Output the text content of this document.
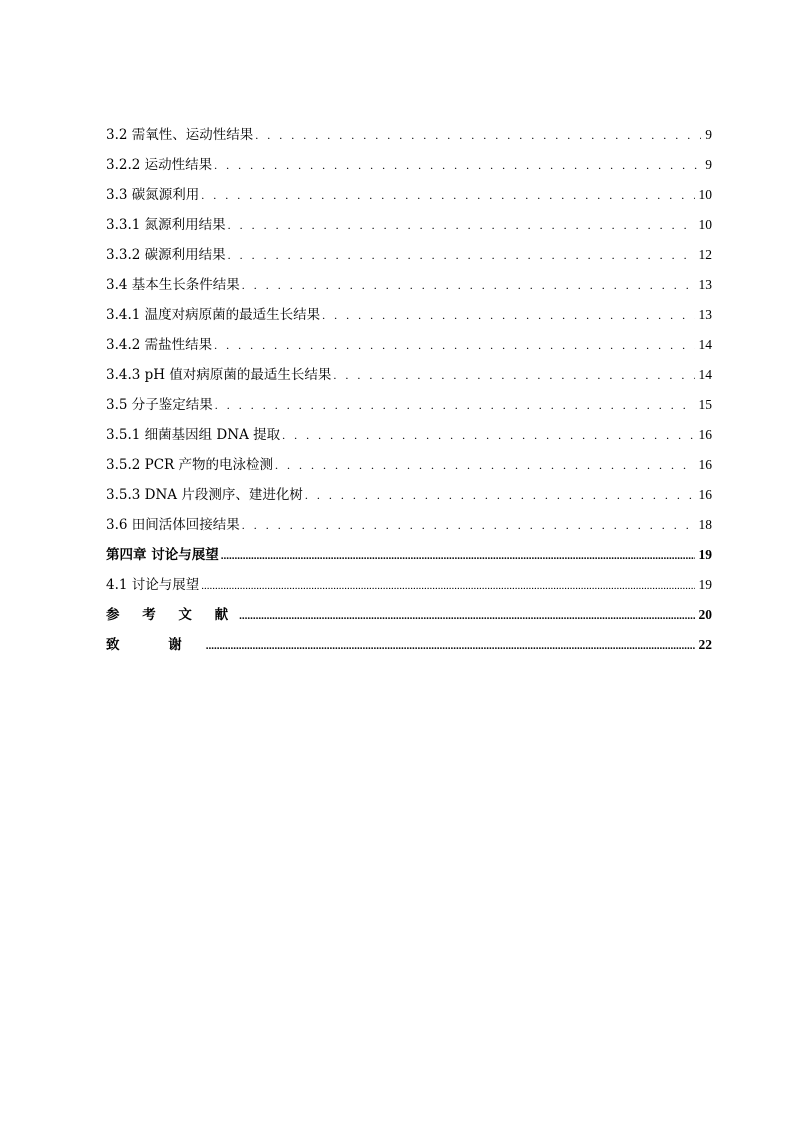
3.2 需氧性、运动性结果 . . .	9
3.2.2 运动性结果 . . .	9
3.3 碳氮源利用 . . .	10
3.3.1 氮源利用结果 . . .	10
3.3.2 碳源利用结果 . . .	12
3.4 基本生长条件结果 . . .	13
3.4.1 温度对病原菌的最适生长结果 . . .	13
3.4.2 需盐性结果 . . .	14
3.4.3 pH 值对病原菌的最适生长结果 . . .	14
3.5 分子鉴定结果 . . .	15
3.5.1 细菌基因组 DNA 提取 . . .	16
3.5.2 PCR 产物的电泳检测 . . .	16
3.5.3 DNA 片段测序、建进化树 . . .	16
3.6 田间活体回接结果 . . .	18
第四章 讨论与展望 .....	19
4.1 讨论与展望 .....	19
参 考 文 献 .....	20
致 谢 .....	22
